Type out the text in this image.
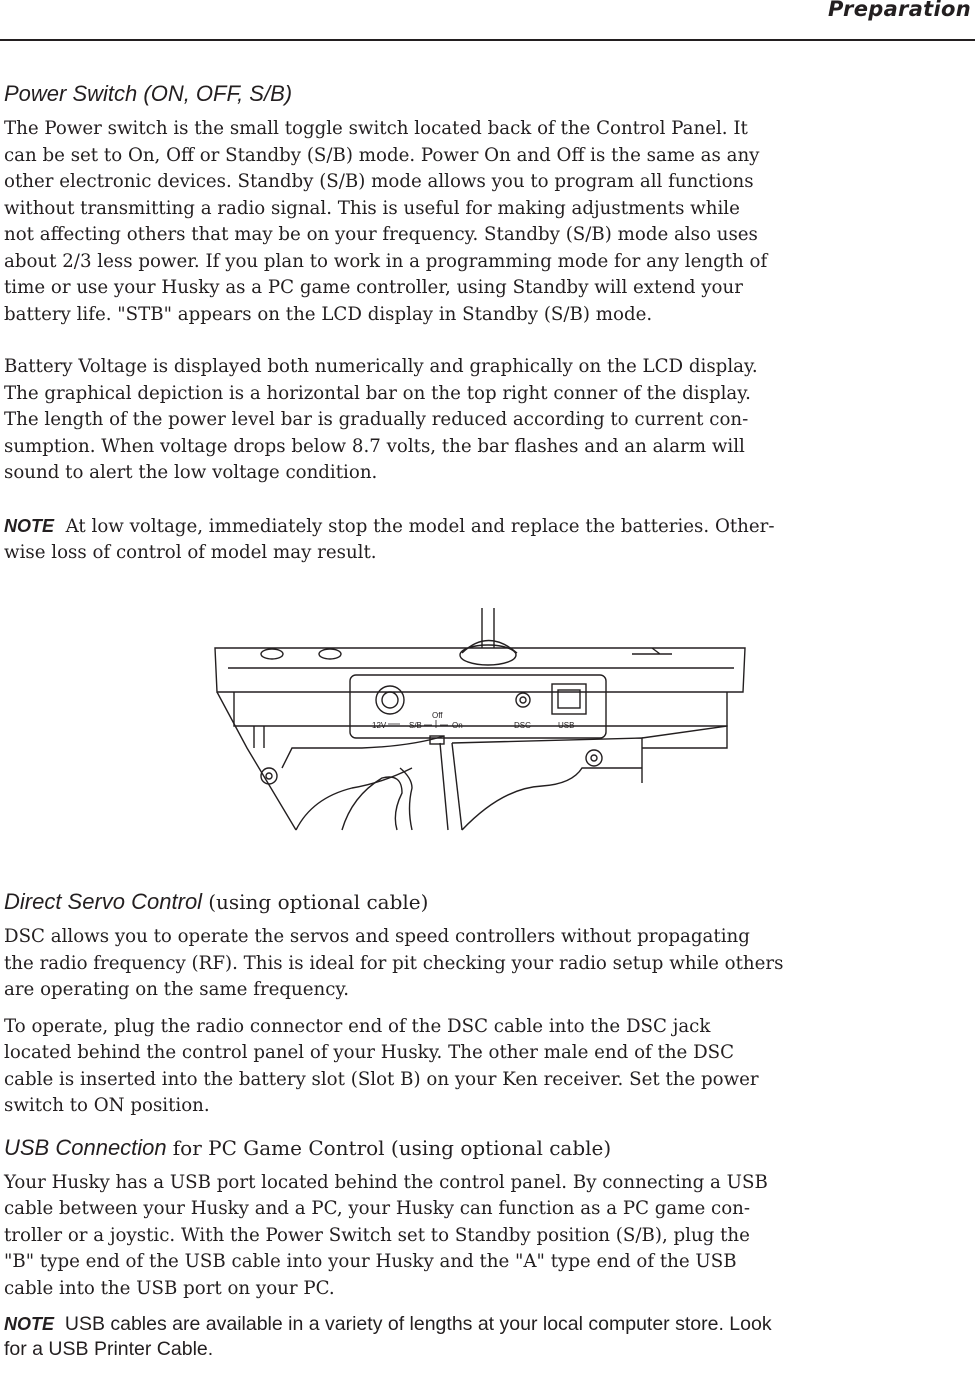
Preparation
Power Switch (ON, OFF, S/B)

The Power switch is the small toggle switch located back of the Control Panel. It
can be set to On, Off or Standby (S/B) mode. Power On and Off is the same as any
other electronic devices. Standby (S/B) mode allows you to program all functions
without transmitting a radio signal. This is useful for making adjustments while
not affecting others that may be on your frequency. Standby (S/B) mode also uses
about 2/3 less power. If you plan to work in a programming mode for any length of
time or use your Husky as a PC game controller, using Standby will extend your
battery life. "STB" appears on the LCD display in Standby (S/B) mode.

Battery Voltage is displayed both numerically and graphically on the LCD display.
The graphical depiction is a horizontal bar on the top right conner of the display.
The length of the power level bar is gradually reduced according to current con-
sumption. When voltage drops below 8.7 volts, the bar flashes and an alarm will
sound to alert the low voltage condition.

NOTE At low voltage, immediately stop the model and replace the batteries. Other-
wise loss of control of model may result.

12V	S/B
Off
On	DSC	USB
Direct Servo Control (using optional cable)

DSC allows you to operate the servos and speed controllers without propagating
the radio frequency (RF). This is ideal for pit checking your radio setup while others
are operating on the same frequency.

To operate, plug the radio connector end of the DSC cable into the DSC jack
located behind the control panel of your Husky. The other male end of the DSC
cable is inserted into the battery slot (Slot B) on your Ken receiver. Set the power
switch to ON position.

USB Connection for PC Game Control (using optional cable)

Your Husky has a USB port located behind the control panel. By connecting a USB
cable between your Husky and a PC, your Husky can function as a PC game con-
troller or a joystic. With the Power Switch set to Standby position (S/B), plug the
"B" type end of the USB cable into your Husky and the "A" type end of the USB
cable into the USB port on your PC.

NOTE USB cables are available in a variety of lengths at your local computer store. Look
for a USB Printer Cable.
